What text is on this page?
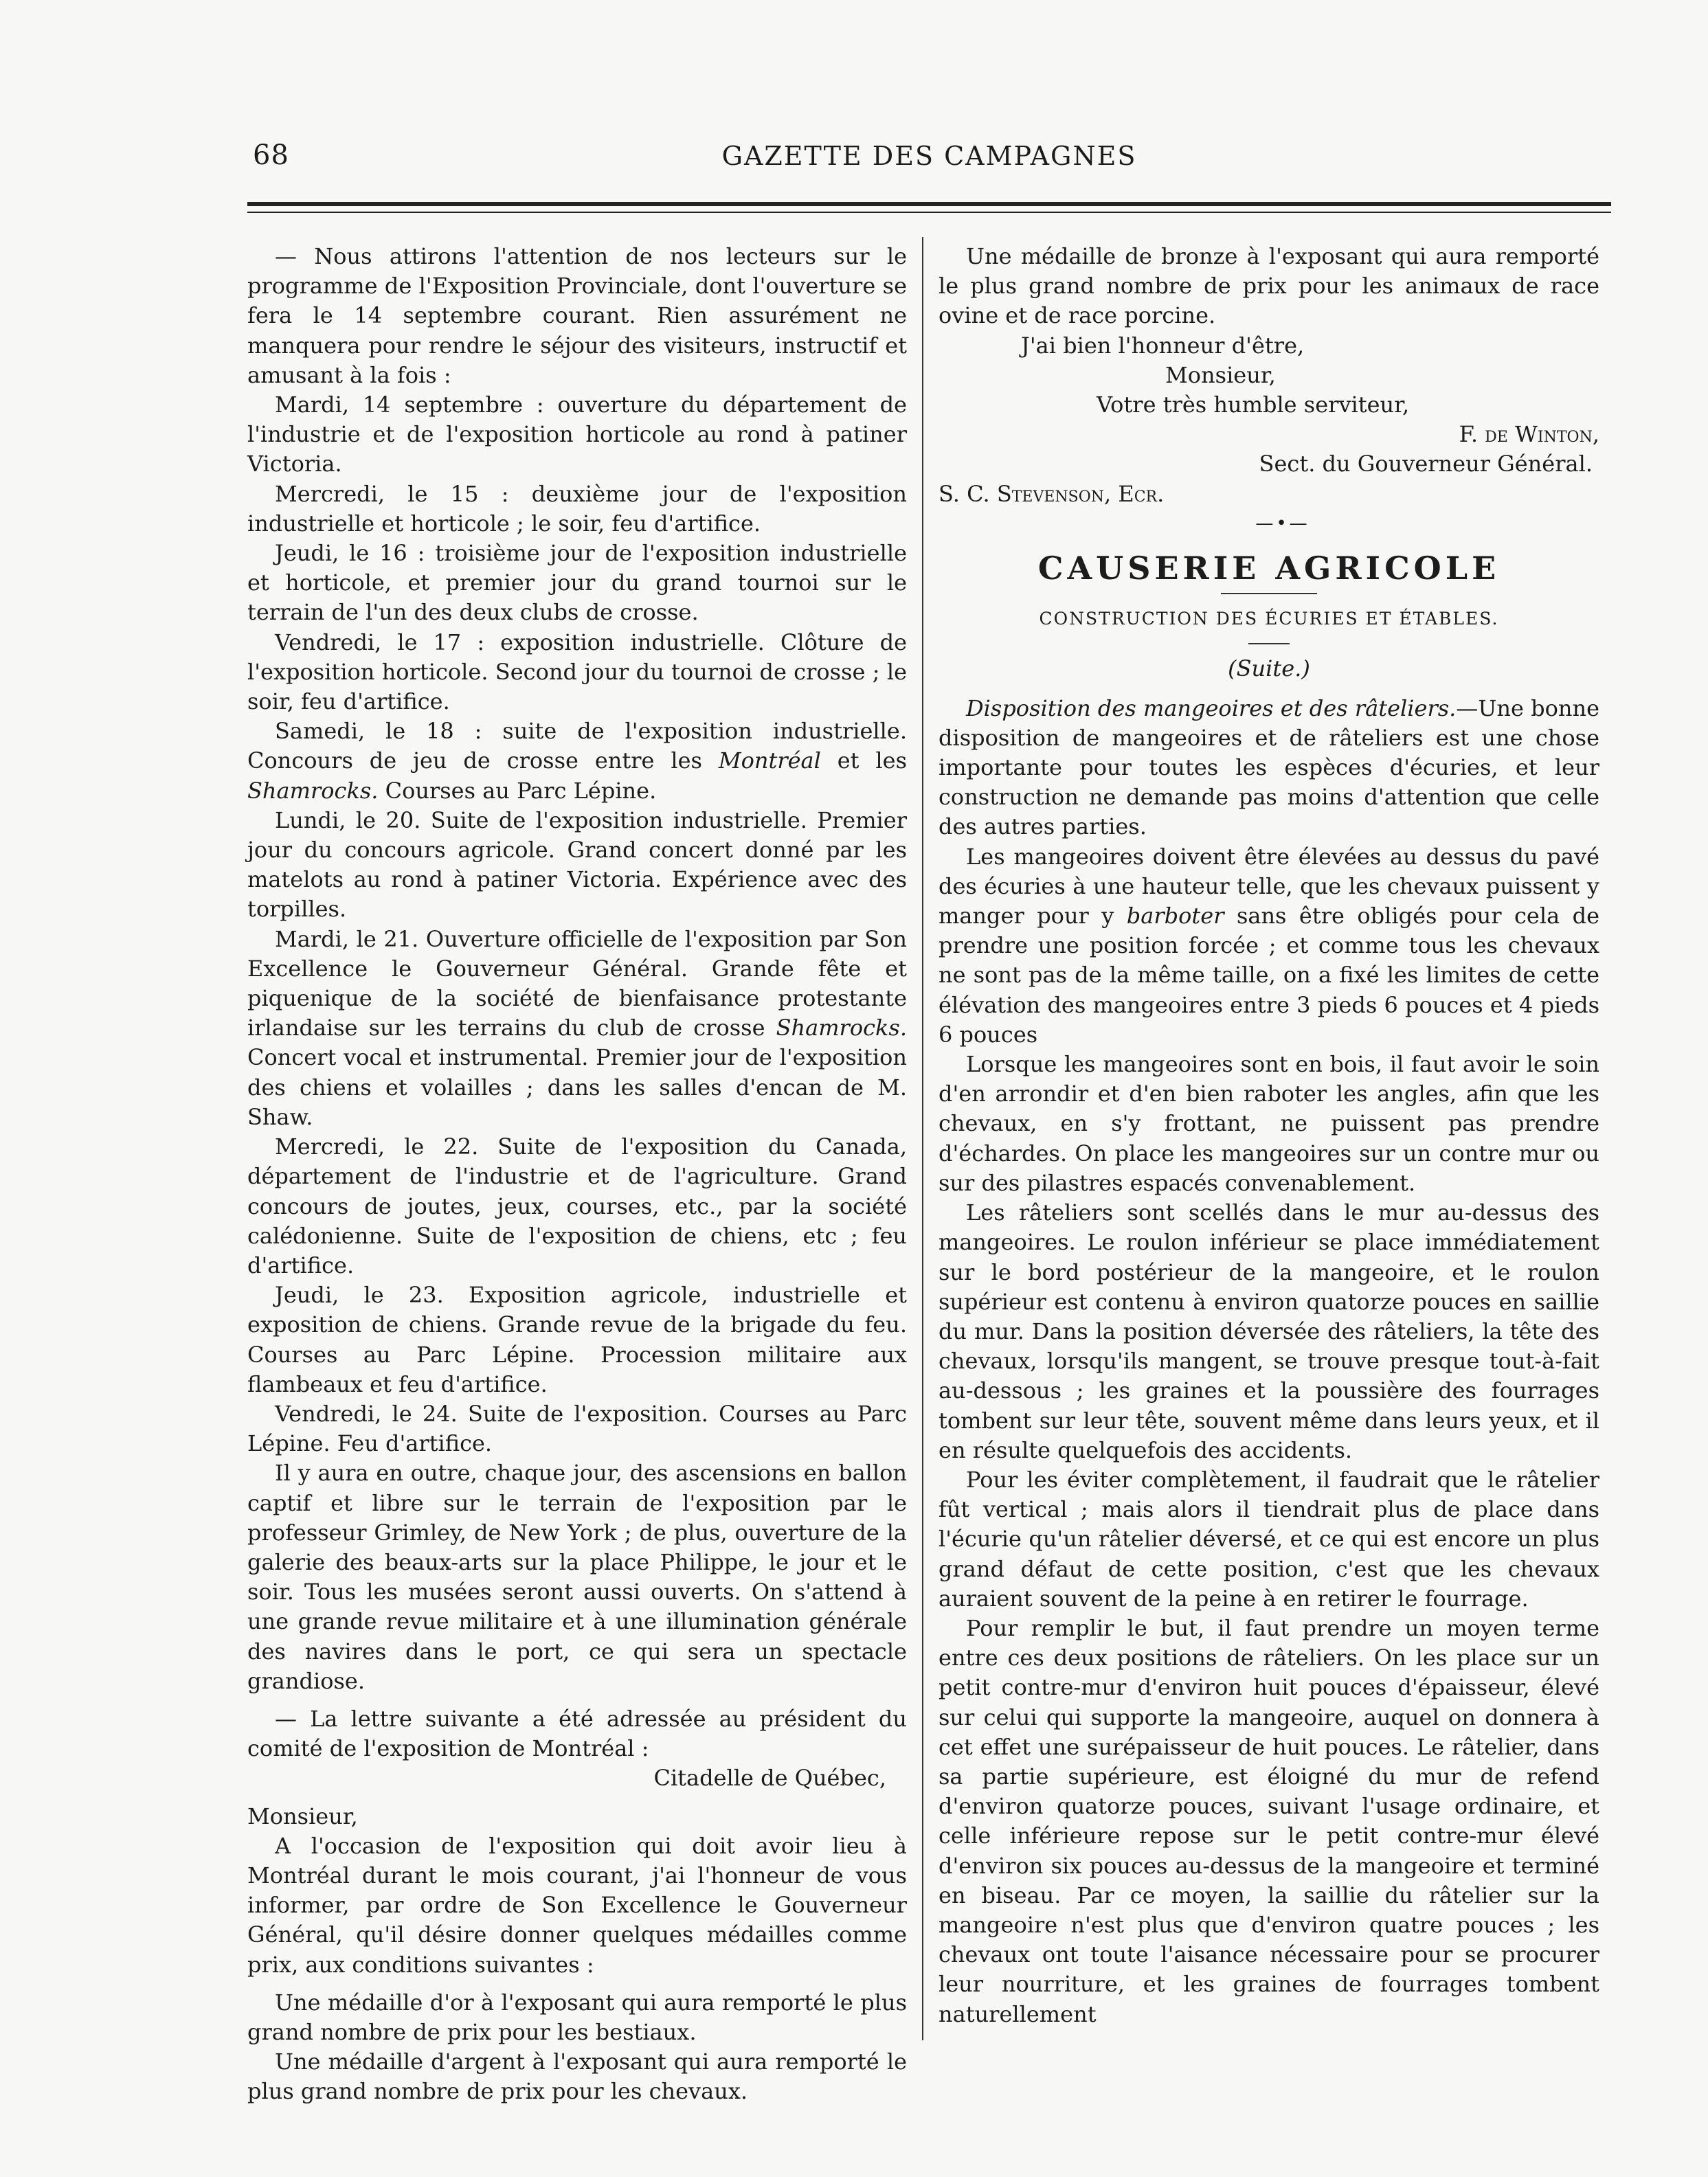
68	GAZETTE DES CAMPAGNES

— Nous attirons l'attention de nos lecteurs sur le programme de l'Exposition Provinciale, dont l'ouverture se fera le 14 septembre courant. Rien assurément ne manquera pour rendre le séjour des visiteurs, instructif et amusant à la fois :

Mardi, 14 septembre : ouverture du département de l'industrie et de l'exposition horticole au rond à patiner Victoria.

Mercredi, le 15 : deuxième jour de l'exposition industrielle et horticole ; le soir, feu d'artifice.

Jeudi, le 16 : troisième jour de l'exposition industrielle et horticole, et premier jour du grand tournoi sur le terrain de l'un des deux clubs de crosse.

Vendredi, le 17 : exposition industrielle. Clôture de l'exposition horticole. Second jour du tournoi de crosse ; le soir, feu d'artifice.

Samedi, le 18 : suite de l'exposition industrielle. Concours de jeu de crosse entre les Montréal et les Shamrocks. Courses au Parc Lépine.

Lundi, le 20. Suite de l'exposition industrielle. Premier jour du concours agricole. Grand concert donné par les matelots au rond à patiner Victoria. Expérience avec des torpilles.

Mardi, le 21. Ouverture officielle de l'exposition par Son Excellence le Gouverneur Général. Grande fête et piquenique de la société de bienfaisance protestante irlandaise sur les terrains du club de crosse Shamrocks. Concert vocal et instrumental. Premier jour de l'exposition des chiens et volailles ; dans les salles d'encan de M. Shaw.

Mercredi, le 22. Suite de l'exposition du Canada, département de l'industrie et de l'agriculture. Grand concours de joutes, jeux, courses, etc., par la société calédonienne. Suite de l'exposition de chiens, etc ; feu d'artifice.

Jeudi, le 23. Exposition agricole, industrielle et exposition de chiens. Grande revue de la brigade du feu. Courses au Parc Lépine. Procession militaire aux flambeaux et feu d'artifice.

Vendredi, le 24. Suite de l'exposition. Courses au Parc Lépine. Feu d'artifice.

Il y aura en outre, chaque jour, des ascensions en ballon captif et libre sur le terrain de l'exposition par le professeur Grimley, de New York ; de plus, ouverture de la galerie des beaux-arts sur la place Philippe, le jour et le soir. Tous les musées seront aussi ouverts. On s'attend à une grande revue militaire et à une illumination générale des navires dans le port, ce qui sera un spectacle grandiose.

— La lettre suivante a été adressée au président du comité de l'exposition de Montréal :

Citadelle de Québec,

Monsieur,

A l'occasion de l'exposition qui doit avoir lieu à Montréal durant le mois courant, j'ai l'honneur de vous informer, par ordre de Son Excellence le Gouverneur Général, qu'il désire donner quelques médailles comme prix, aux conditions suivantes :

Une médaille d'or à l'exposant qui aura remporté le plus grand nombre de prix pour les bestiaux.

Une médaille d'argent à l'exposant qui aura remporté le plus grand nombre de prix pour les chevaux.

Une médaille de bronze à l'exposant qui aura remporté le plus grand nombre de prix pour les animaux de race ovine et de race porcine.

J'ai bien l'honneur d'être,

Monsieur,

Votre très humble serviteur,

F. de Winton,

Sect. du Gouverneur Général.

S. C. Stevenson, Ecr.

—•—

CAUSERIE AGRICOLE
CONSTRUCTION DES ÉCURIES ET ÉTABLES.
(Suite.)

Disposition des mangeoires et des râteliers.—Une bonne disposition de mangeoires et de râteliers est une chose importante pour toutes les espèces d'écuries, et leur construction ne demande pas moins d'attention que celle des autres parties.

Les mangeoires doivent être élevées au dessus du pavé des écuries à une hauteur telle, que les chevaux puissent y manger pour y barboter sans être obligés pour cela de prendre une position forcée ; et comme tous les chevaux ne sont pas de la même taille, on a fixé les limites de cette élévation des mangeoires entre 3 pieds 6 pouces et 4 pieds 6 pouces

Lorsque les mangeoires sont en bois, il faut avoir le soin d'en arrondir et d'en bien raboter les angles, afin que les chevaux, en s'y frottant, ne puissent pas prendre d'échardes. On place les mangeoires sur un contre mur ou sur des pilastres espacés convenablement.

Les râteliers sont scellés dans le mur au-dessus des mangeoires. Le roulon inférieur se place immédiatement sur le bord postérieur de la mangeoire, et le roulon supérieur est contenu à environ quatorze pouces en saillie du mur. Dans la position déversée des râteliers, la tête des chevaux, lorsqu'ils mangent, se trouve presque tout-à-fait au-dessous ; les graines et la poussière des fourrages tombent sur leur tête, souvent même dans leurs yeux, et il en résulte quelquefois des accidents.

Pour les éviter complètement, il faudrait que le râtelier fût vertical ; mais alors il tiendrait plus de place dans l'écurie qu'un râtelier déversé, et ce qui est encore un plus grand défaut de cette position, c'est que les chevaux auraient souvent de la peine à en retirer le fourrage.

Pour remplir le but, il faut prendre un moyen terme entre ces deux positions de râteliers. On les place sur un petit contre-mur d'environ huit pouces d'épaisseur, élevé sur celui qui supporte la mangeoire, auquel on donnera à cet effet une surépaisseur de huit pouces. Le râtelier, dans sa partie supérieure, est éloigné du mur de refend d'environ quatorze pouces, suivant l'usage ordinaire, et celle inférieure repose sur le petit contre-mur élevé d'environ six pouces au-dessus de la mangeoire et terminé en biseau. Par ce moyen, la saillie du râtelier sur la mangeoire n'est plus que d'environ quatre pouces ; les chevaux ont toute l'aisance nécessaire pour se procurer leur nourriture, et les graines de fourrages tombent naturellement
